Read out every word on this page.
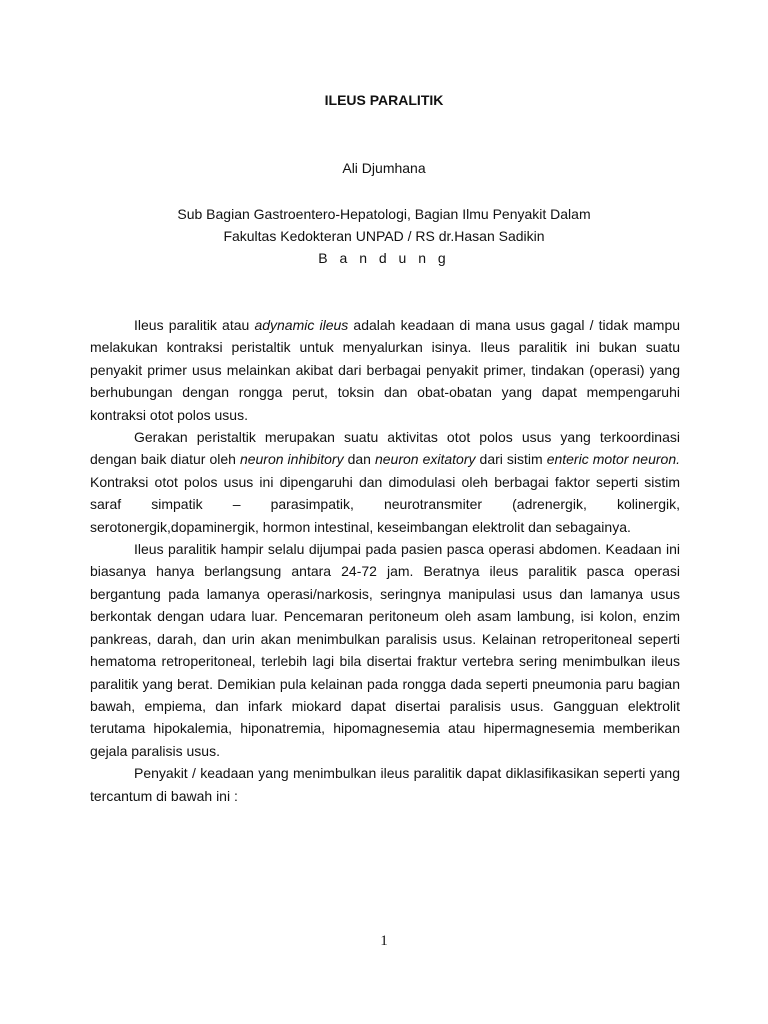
ILEUS PARALITIK
Ali Djumhana
Sub Bagian Gastroentero-Hepatologi, Bagian Ilmu Penyakit Dalam
Fakultas Kedokteran UNPAD / RS dr.Hasan Sadikin
B a n d u n g

Ileus paralitik atau adynamic ileus adalah keadaan di mana usus gagal / tidak mampu melakukan kontraksi peristaltik untuk menyalurkan isinya. Ileus paralitik ini bukan suatu penyakit primer usus melainkan akibat dari berbagai penyakit primer, tindakan (operasi) yang berhubungan dengan rongga perut, toksin dan obat-obatan yang dapat mempengaruhi kontraksi otot polos usus.

Gerakan peristaltik merupakan suatu aktivitas otot polos usus yang terkoordinasi dengan baik diatur oleh neuron inhibitory dan neuron exitatory dari sistim enteric motor neuron. Kontraksi otot polos usus ini dipengaruhi dan dimodulasi oleh berbagai faktor seperti sistim saraf simpatik – parasimpatik, neurotransmiter (adrenergik, kolinergik, serotonergik,dopaminergik, hormon intestinal, keseimbangan elektrolit dan sebagainya.

Ileus paralitik hampir selalu dijumpai pada pasien pasca operasi abdomen. Keadaan ini biasanya hanya berlangsung antara 24-72 jam. Beratnya ileus paralitik pasca operasi bergantung pada lamanya operasi/narkosis, seringnya manipulasi usus dan lamanya usus berkontak dengan udara luar. Pencemaran peritoneum oleh asam lambung, isi kolon, enzim pankreas, darah, dan urin akan menimbulkan paralisis usus. Kelainan retroperitoneal seperti hematoma retroperitoneal, terlebih lagi bila disertai fraktur vertebra sering menimbulkan ileus paralitik yang berat. Demikian pula kelainan pada rongga dada seperti pneumonia paru bagian bawah, empiema, dan infark miokard dapat disertai paralisis usus. Gangguan elektrolit terutama hipokalemia, hiponatremia, hipomagnesemia atau hipermagnesemia memberikan gejala paralisis usus.

Penyakit / keadaan yang menimbulkan ileus paralitik dapat diklasifikasikan seperti yang tercantum di bawah ini :

1
